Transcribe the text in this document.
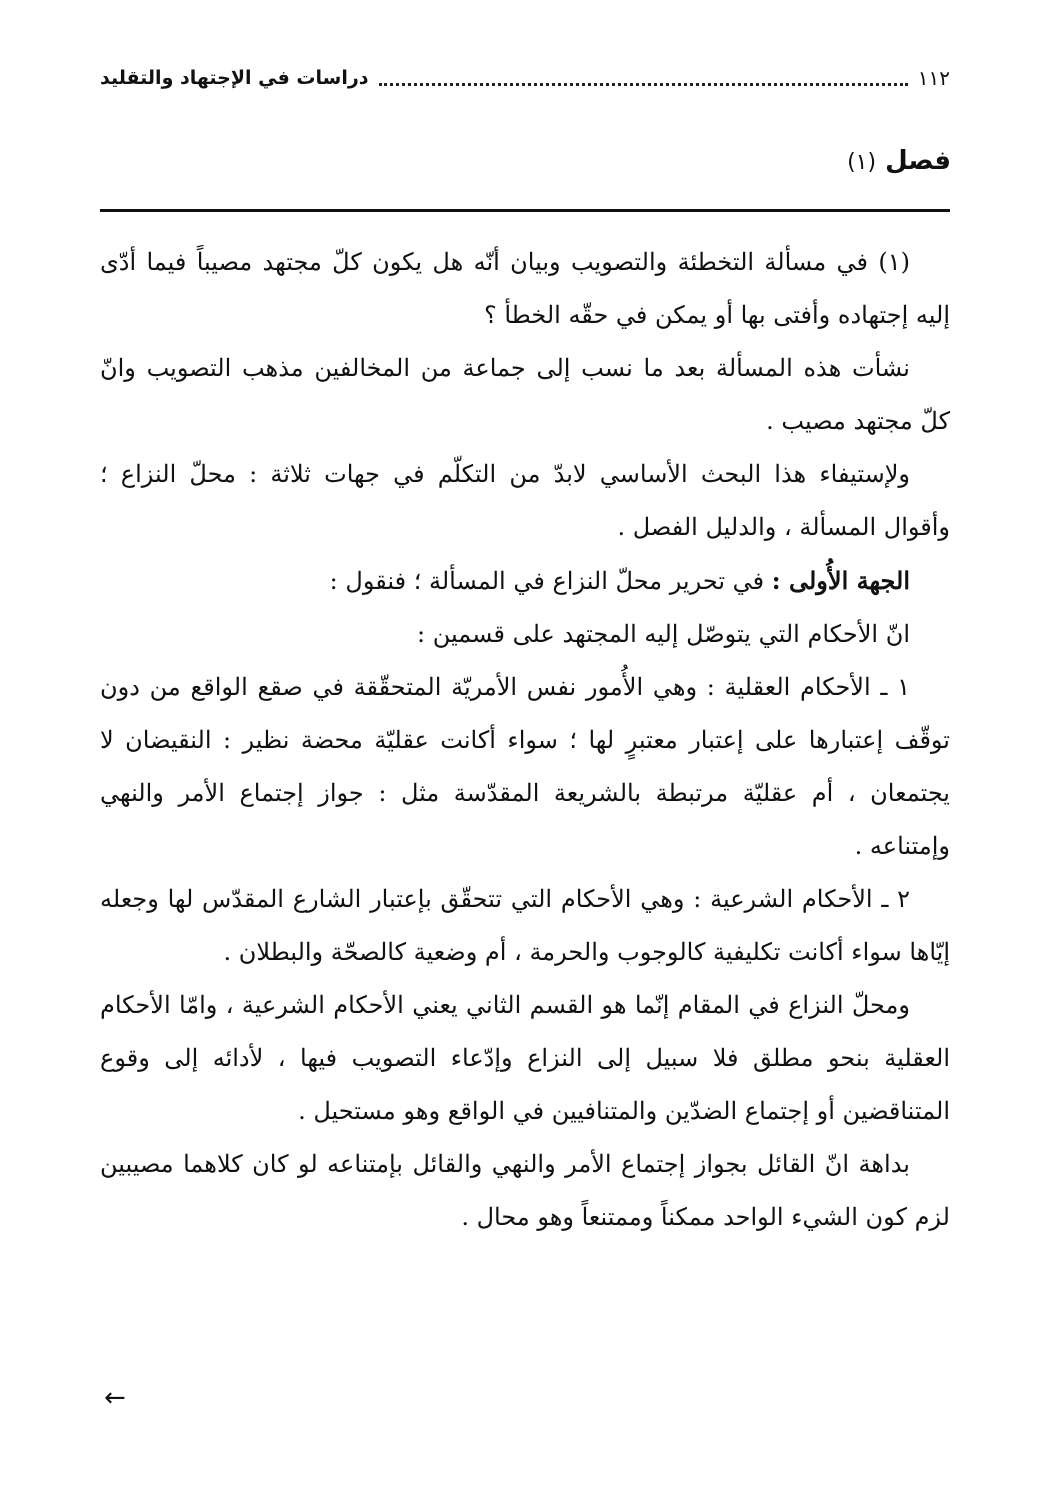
١١٢
دراسات في الإجتهاد والتقليد
فصل (١)

(١) في مسألة التخطئة والتصويب وبيان أنّه هل يكون كلّ مجتهد مصيباً فيما أدّى إليه إجتهاده وأفتى بها أو يمكن في حقّه الخطأ ؟

نشأت هذه المسألة بعد ما نسب إلى جماعة من المخالفين مذهب التصويب وانّ كلّ مجتهد مصيب .

ولإستيفاء هذا البحث الأساسي لابدّ من التكلّم في جهات ثلاثة : محلّ النزاع ؛ وأقوال المسألة ، والدليل الفصل .

الجهة الأُولى : في تحرير محلّ النزاع في المسألة ؛ فنقول :

انّ الأحكام التي يتوصّل إليه المجتهد على قسمين :

١ ـ الأحكام العقلية : وهي الأُمور نفس الأمريّة المتحقّقة في صقع الواقع من دون توقّف إعتبارها على إعتبار معتبرٍ لها ؛ سواء أكانت عقليّة محضة نظير : النقيضان لا يجتمعان ، أم عقليّة مرتبطة بالشريعة المقدّسة مثل : جواز إجتماع الأمر والنهي وإمتناعه .

٢ ـ الأحكام الشرعية : وهي الأحكام التي تتحقّق بإعتبار الشارع المقدّس لها وجعله إيّاها سواء أكانت تكليفية كالوجوب والحرمة ، أم وضعية كالصحّة والبطلان .

ومحلّ النزاع في المقام إنّما هو القسم الثاني يعني الأحكام الشرعية ، وامّا الأحكام العقلية بنحو مطلق فلا سبيل إلى النزاع وإدّعاء التصويب فيها ، لأدائه إلى وقوع المتناقضين أو إجتماع الضدّين والمتنافيين في الواقع وهو مستحيل .

بداهة انّ القائل بجواز إجتماع الأمر والنهي والقائل بإمتناعه لو كان كلاهما مصيبين لزم كون الشيء الواحد ممكناً وممتنعاً وهو محال .

←
